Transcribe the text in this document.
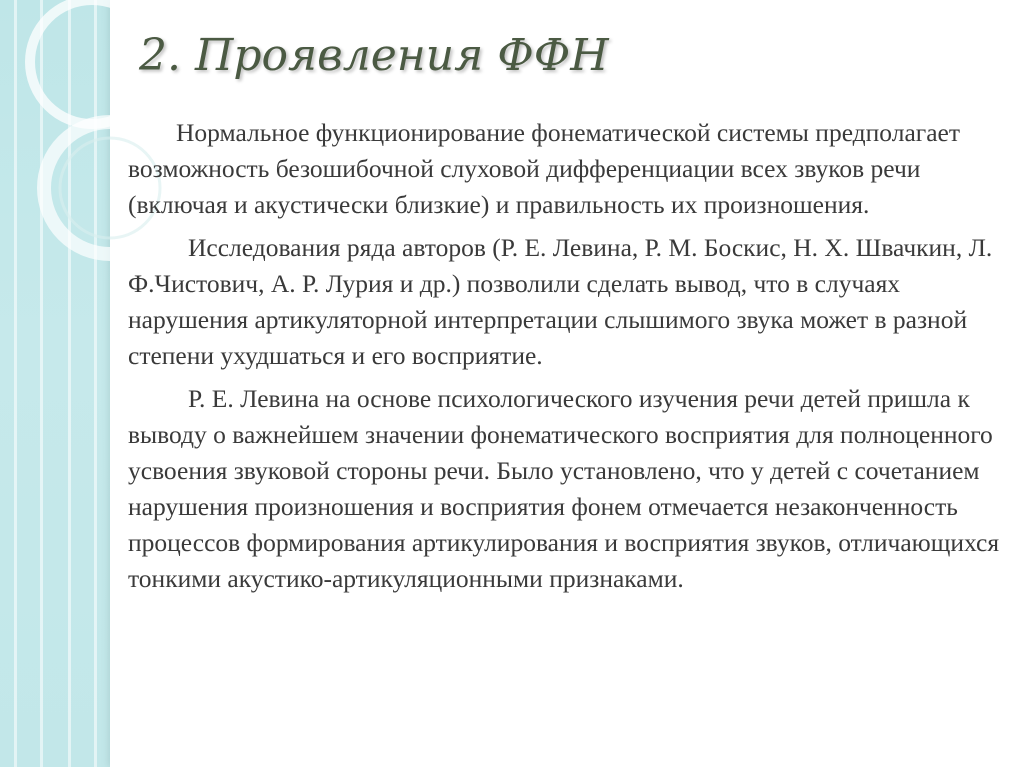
2. Проявления ФФН

Нормальное функционирование фонематической системы предполагает возможность безошибочной слуховой дифференциации всех звуков речи (включая и акустически близкие) и правильность их произношения.

Исследования ряда авторов (Р. Е. Левина, Р. М. Боскис, Н. Х. Швачкин, Л. Ф.Чистович, А. Р. Лурия и др.) позволили сделать вывод, что в случаях нарушения артикуляторной интерпретации слышимого звука может в разной степени ухудшаться и его восприятие.

Р. Е. Левина на основе психологического изучения речи детей пришла к выводу о важнейшем значении фонематического восприятия для полноценного усвоения звуковой стороны речи. Было установлено, что у детей с сочетанием нарушения произношения и восприятия фонем отмечается незаконченность процессов формирования артикулирования и восприятия звуков, отличающихся тонкими акустико-артикуляционными признаками.
